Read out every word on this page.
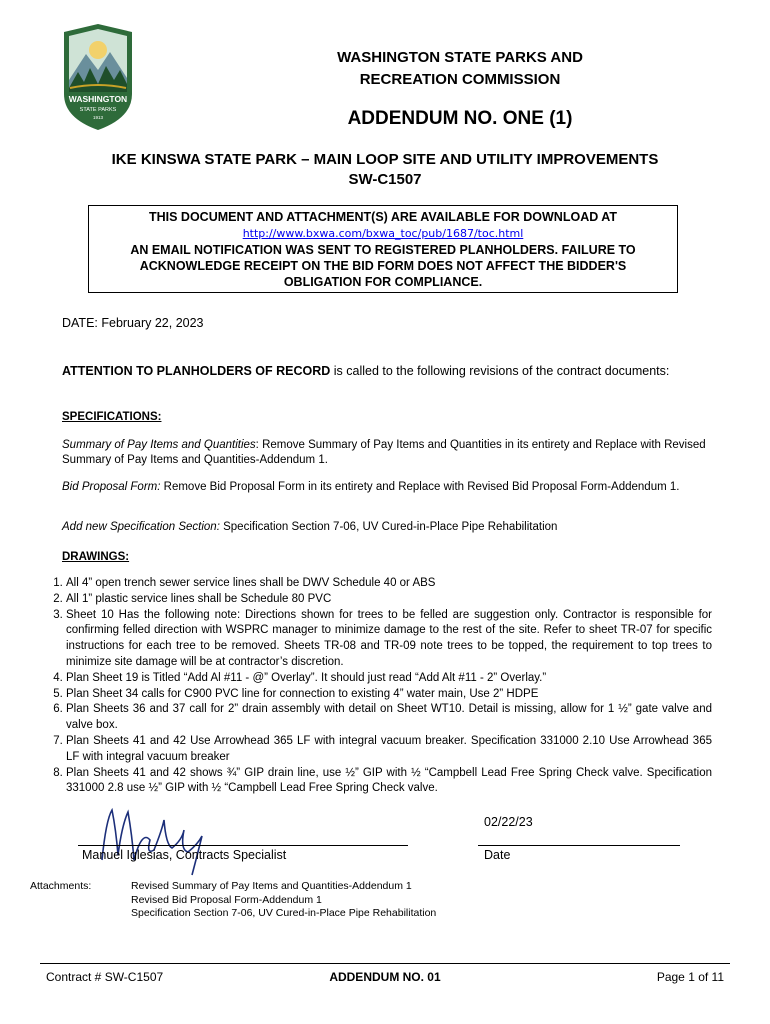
WASHINGTON
STATE PARKS
1913
WASHINGTON STATE PARKS AND
RECREATION COMMISSION
ADDENDUM NO. ONE (1)
IKE KINSWA STATE PARK – MAIN LOOP SITE AND UTILITY IMPROVEMENTS
SW-C1507
THIS DOCUMENT AND ATTACHMENT(S) ARE AVAILABLE FOR DOWNLOAD AT
http://www.bxwa.com/bxwa_toc/pub/1687/toc.html
AN EMAIL NOTIFICATION WAS SENT TO REGISTERED PLANHOLDERS. FAILURE TO
ACKNOWLEDGE RECEIPT ON THE BID FORM DOES NOT AFFECT THE BIDDER'S
OBLIGATION FOR COMPLIANCE.
DATE: February 22, 2023
ATTENTION TO PLANHOLDERS OF RECORD is called to the following revisions of the contract documents:
SPECIFICATIONS:
Summary of Pay Items and Quantities: Remove Summary of Pay Items and Quantities in its entirety and Replace with Revised Summary of Pay Items and Quantities-Addendum 1.
Bid Proposal Form: Remove Bid Proposal Form in its entirety and Replace with Revised Bid Proposal Form-Addendum 1.
Add new Specification Section: Specification Section 7-06, UV Cured-in-Place Pipe Rehabilitation
DRAWINGS:
1. All 4” open trench sewer service lines shall be DWV Schedule 40 or ABS
2. All 1” plastic service lines shall be Schedule 80 PVC
3. Sheet 10 Has the following note: Directions shown for trees to be felled are suggestion only. Contractor is responsible for confirming felled direction with WSPRC manager to minimize damage to the rest of the site. Refer to sheet TR-07 for specific instructions for each tree to be removed. Sheets TR-08 and TR-09 note trees to be topped, the requirement to top trees to minimize site damage will be at contractor’s discretion.
4. Plan Sheet 19 is Titled “Add Al #11 - @” Overlay”. It should just read “Add Alt #11 - 2” Overlay.”
5. Plan Sheet 34 calls for C900 PVC line for connection to existing 4” water main, Use 2” HDPE
6. Plan Sheets 36 and 37 call for 2” drain assembly with detail on Sheet WT10. Detail is missing, allow for 1 ½” gate valve and valve box.
7. Plan Sheets 41 and 42 Use Arrowhead 365 LF with integral vacuum breaker. Specification 331000 2.10 Use Arrowhead 365 LF with integral vacuum breaker
8. Plan Sheets 41 and 42 shows ¾” GIP drain line, use ½” GIP with ½ “Campbell Lead Free Spring Check valve. Specification 331000 2.8 use ½” GIP with ½ “Campbell Lead Free Spring Check valve.
Manuel Iglesias, Contracts Specialist
02/22/23
Date
Attachments:	Revised Summary of Pay Items and Quantities-Addendum 1
Revised Bid Proposal Form-Addendum 1
Specification Section 7-06, UV Cured-in-Place Pipe Rehabilitation
Contract # SW-C1507	ADDENDUM NO. 01	Page 1 of 11
